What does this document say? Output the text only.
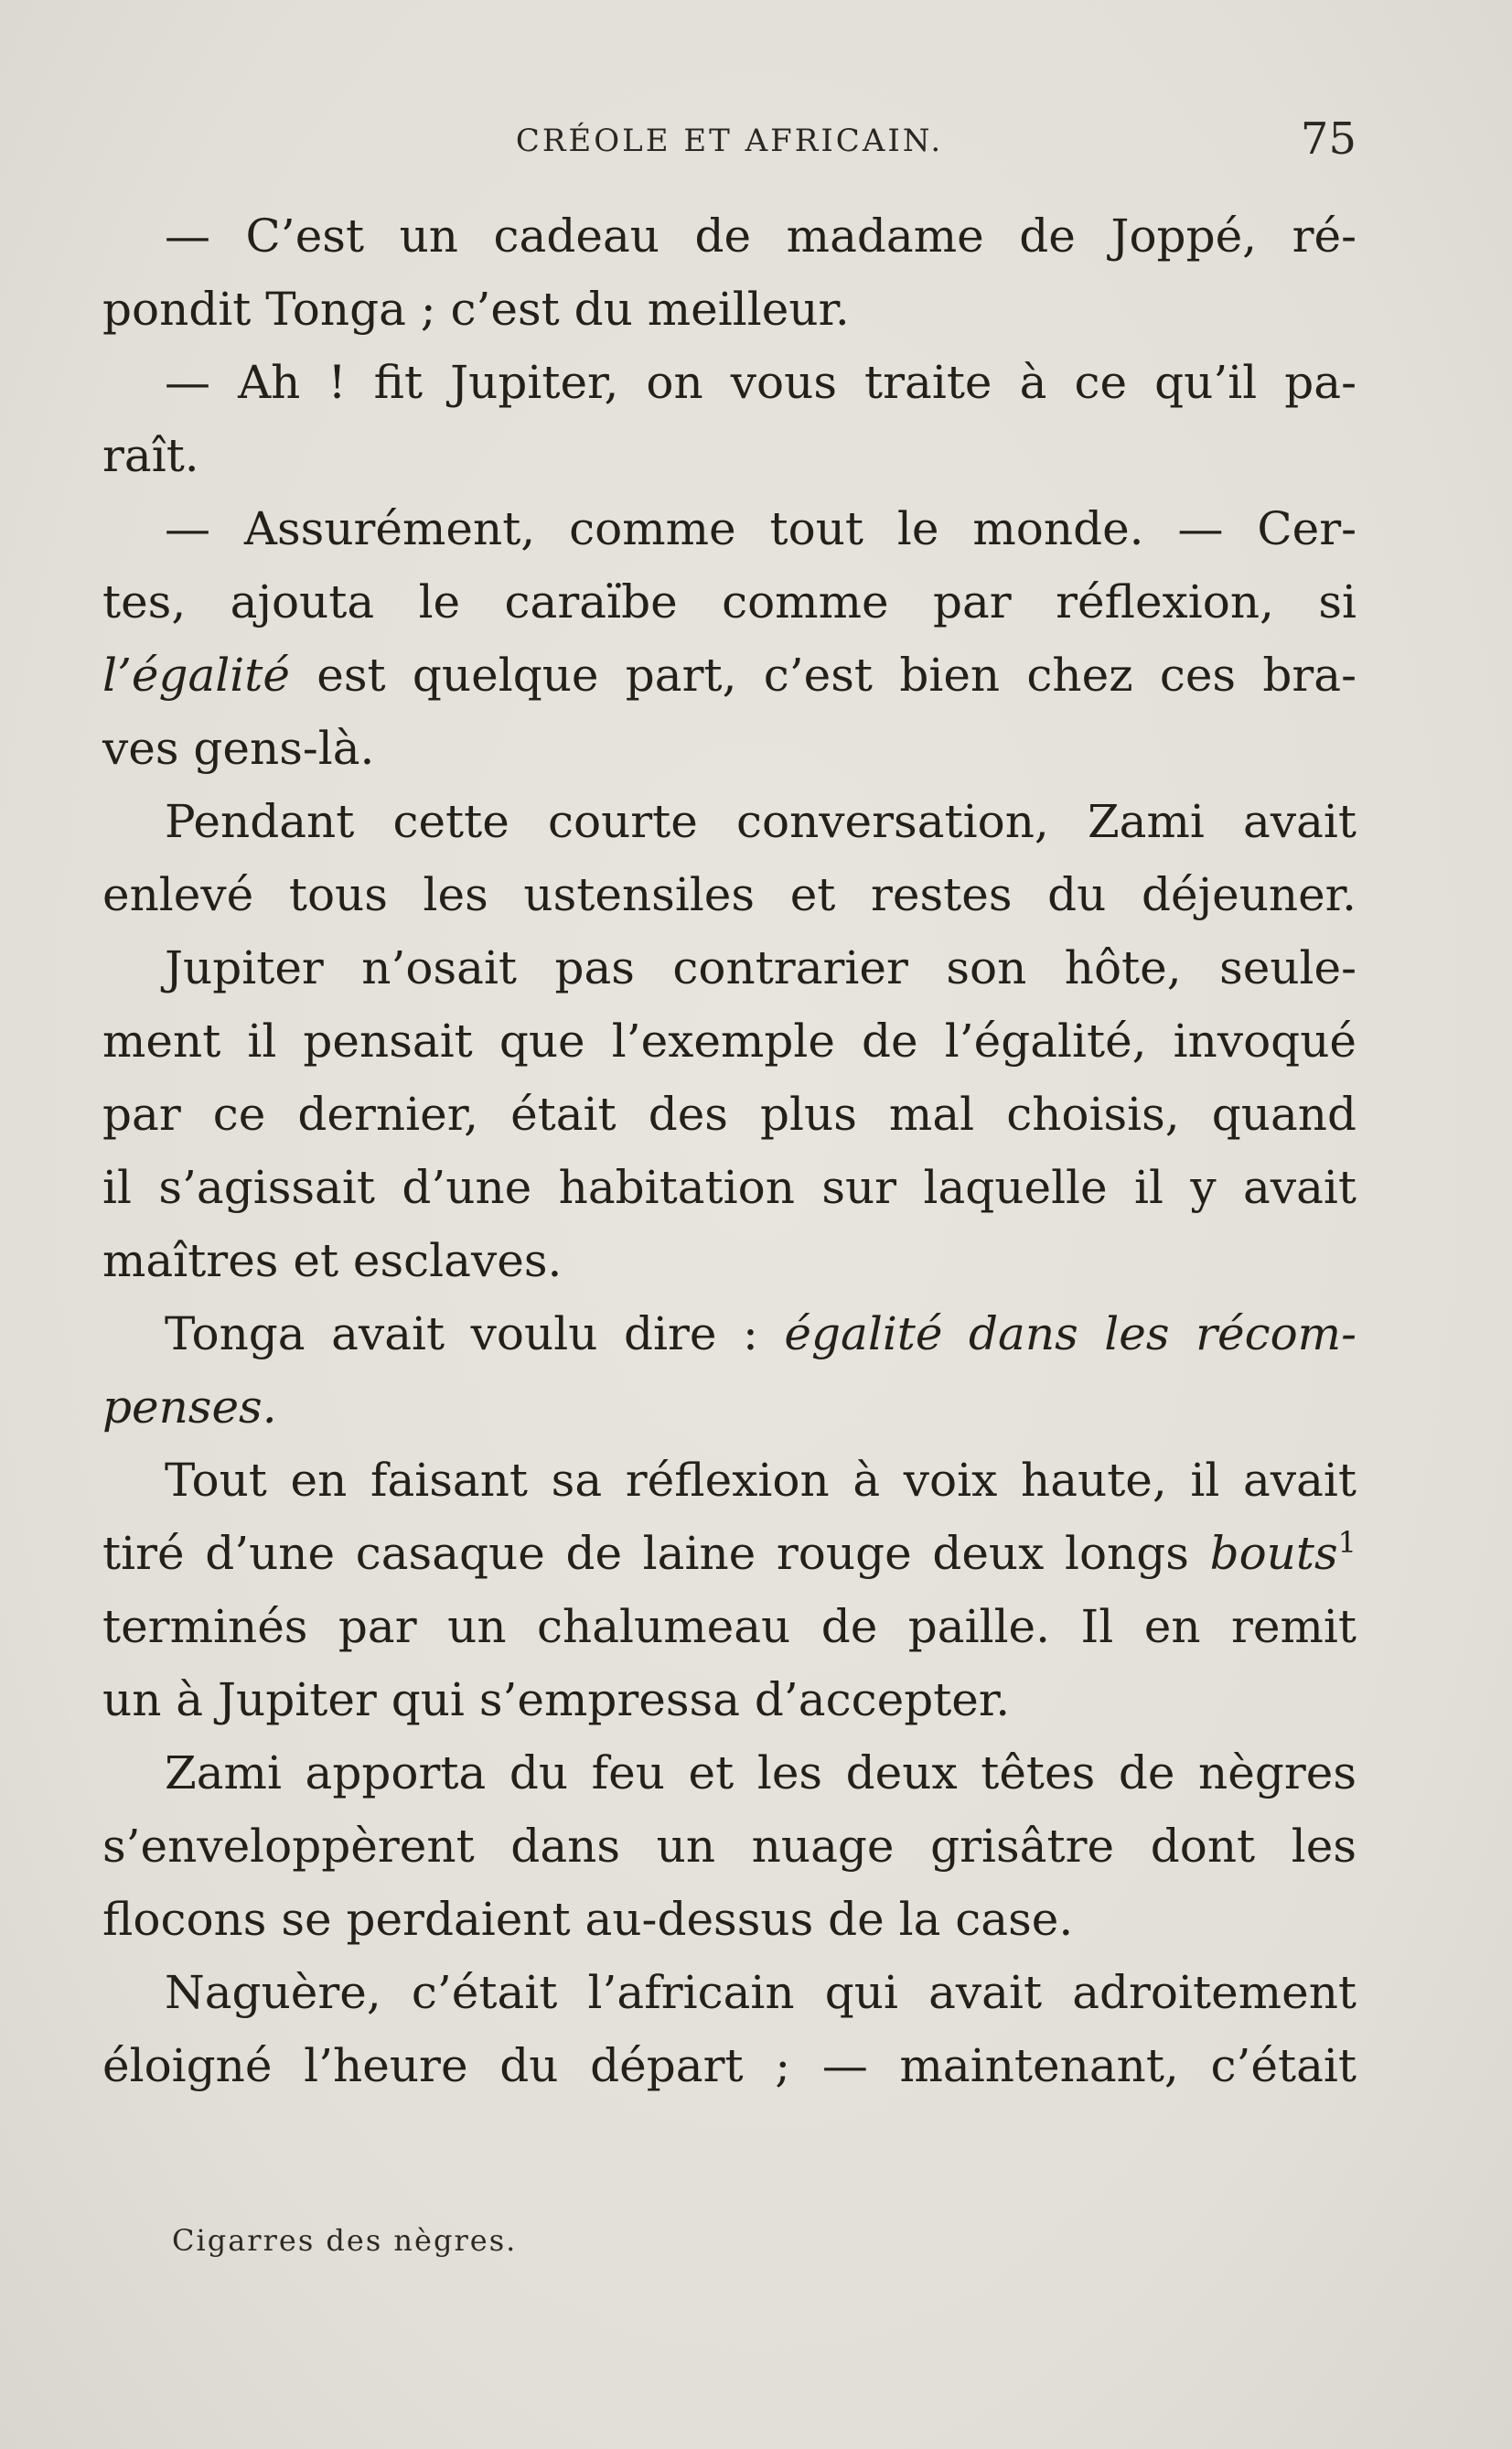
CRÉOLE ET AFRICAIN.	75
— C’est un cadeau de madame de Joppé, ré-
pondit Tonga ; c’est du meilleur.
— Ah ! fit Jupiter, on vous traite à ce qu’il pa-
raît.
— Assurément, comme tout le monde. — Cer-
tes, ajouta le caraïbe comme par réflexion, si
l’égalité est quelque part, c’est bien chez ces bra-
ves gens-là.
Pendant cette courte conversation, Zami avait
enlevé tous les ustensiles et restes du déjeuner.
Jupiter n’osait pas contrarier son hôte, seule-
ment il pensait que l’exemple de l’égalité, invoqué
par ce dernier, était des plus mal choisis, quand
il s’agissait d’une habitation sur laquelle il y avait
maîtres et esclaves.
Tonga avait voulu dire : égalité dans les récom-
penses.
Tout en faisant sa réflexion à voix haute, il avait
tiré d’une casaque de laine rouge deux longs bouts$^1$
terminés par un chalumeau de paille. Il en remit
un à Jupiter qui s’empressa d’accepter.
Zami apporta du feu et les deux têtes de nègres
s’enveloppèrent dans un nuage grisâtre dont les
flocons se perdaient au-dessus de la case.
Naguère, c’était l’africain qui avait adroitement
éloigné l’heure du départ ; — maintenant, c’était
Cigarres des nègres.
